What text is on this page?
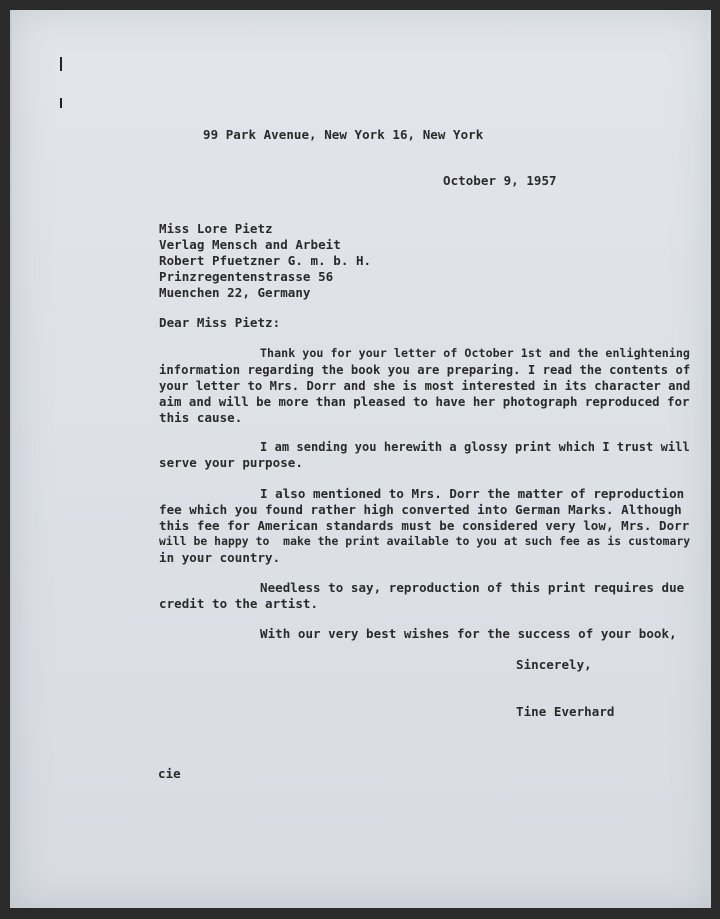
99 Park Avenue, New York 16, New York
October 9, 1957
Miss Lore Pietz
Verlag Mensch and Arbeit
Robert Pfuetzner G. m. b. H.
Prinzregentenstrasse 56
Muenchen 22, Germany
Dear Miss Pietz:
Thank you for your letter of October 1st and the enlightening
information regarding the book you are preparing. I read the contents of
your letter to Mrs. Dorr and she is most interested in its character and
aim and will be more than pleased to have her photograph reproduced for
this cause.
I am sending you herewith a glossy print which I trust will
serve your purpose.
I also mentioned to Mrs. Dorr the matter of reproduction
fee which you found rather high converted into German Marks. Although
this fee for American standards must be considered very low, Mrs. Dorr
will be happy to  make the print available to you at such fee as is customary
in your country.
Needless to say, reproduction of this print requires due
credit to the artist.
With our very best wishes for the success of your book,
Sincerely,
Tine Everhard
cie
